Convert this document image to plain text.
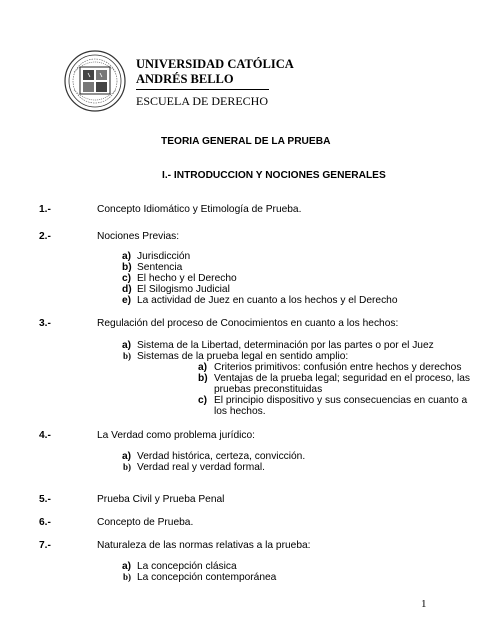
UNIVERSIDAD CATÓLICA
ANDRÉS BELLO
ESCUELA DE DERECHO
TEORIA GENERAL DE LA PRUEBA
I.- INTRODUCCION Y NOCIONES GENERALES
1.-	Concepto Idiomático y Etimología de Prueba.
2.-	Nociones Previas:
a) Jurisdicción
b) Sentencia
c) El hecho y el Derecho
d) El Silogismo Judicial
e) La actividad de Juez en cuanto a los hechos y el Derecho
3.-	Regulación del proceso de Conocimientos en cuanto a los hechos:
a) Sistema de la Libertad, determinación por las partes o por el Juez
b) Sistemas de la prueba legal en sentido amplio:
a) Criterios primitivos: confusión entre hechos y derechos
b) Ventajas de la prueba legal; seguridad en el proceso, las
pruebas preconstituidas
c) El principio dispositivo y sus consecuencias en cuanto a
los hechos.
4.-	La Verdad como problema jurídico:
a) Verdad histórica, certeza, convicción.
b) Verdad real y verdad formal.
5.-	Prueba Civil y Prueba Penal
6.-	Concepto de Prueba.
7.-	Naturaleza de las normas relativas a la prueba:
a) La concepción clásica
b) La concepción contemporánea
1
